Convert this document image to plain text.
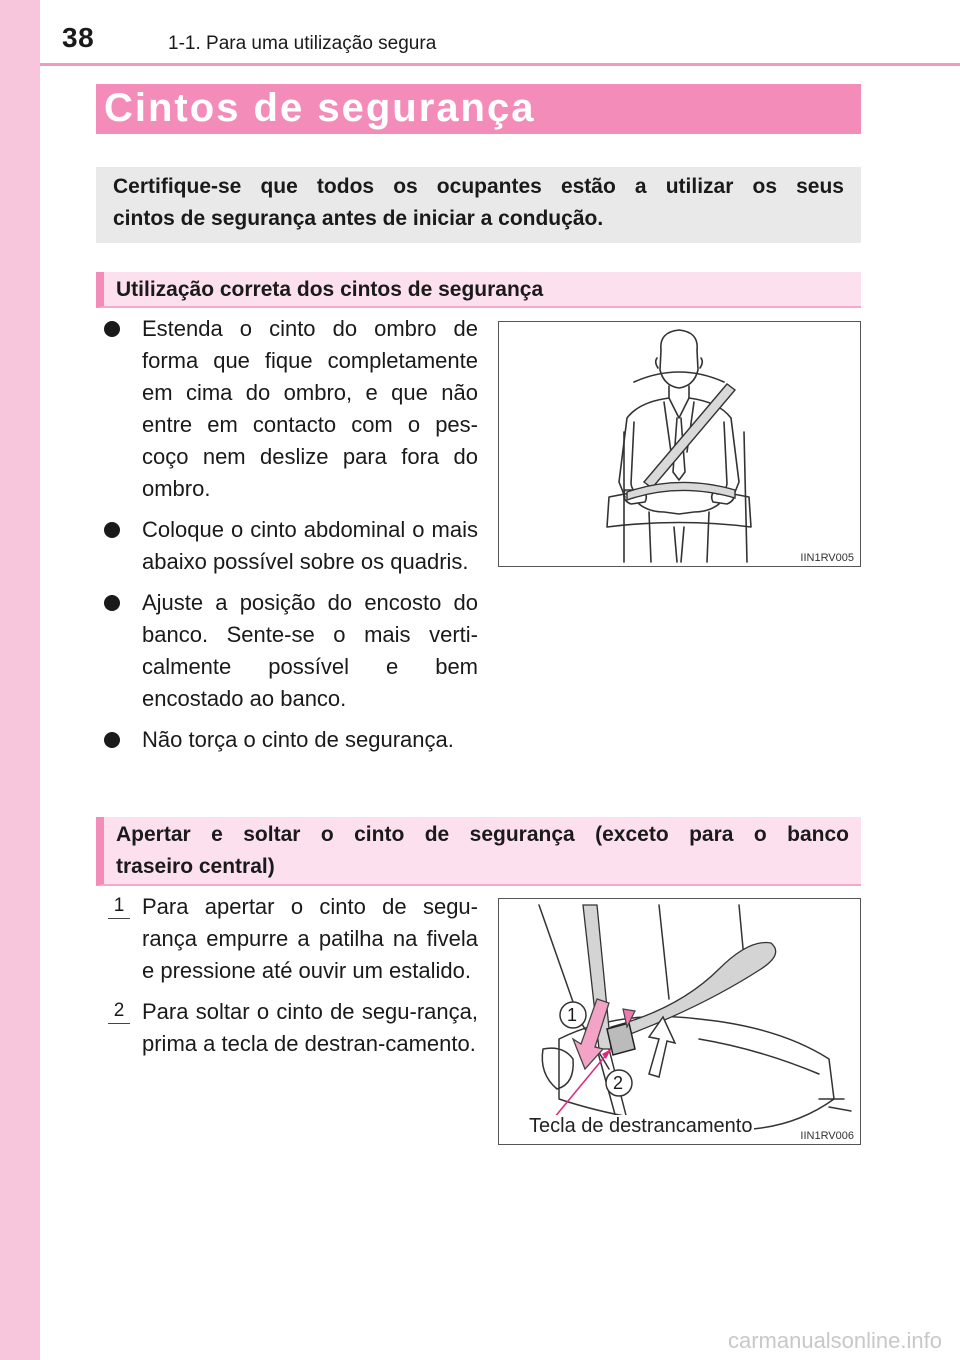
38	1-1. Para uma utilização segura
Cintos de segurança
Certifique-se que todos os ocupantes estão a utilizar os seus
cintos de segurança antes de iniciar a condução.
Utilização correta dos cintos de segurança
Estenda o cinto do ombro de forma que fique completamente em cima do ombro, e que não entre em contacto com o pes-coço nem deslize para fora do ombro.
Coloque o cinto abdominal o mais abaixo possível sobre os quadris.
Ajuste a posição do encosto do banco. Sente-se o mais verti-calmente possível e bem encostado ao banco.
Não torça o cinto de segurança.
IIN1RV005
Apertar e soltar o cinto de segurança (exceto para o banco
traseiro central)
1 Para apertar o cinto de segu-rança empurre a patilha na fivela e pressione até ouvir um estalido.
2 Para soltar o cinto de segu-rança, prima a tecla de destran-camento.
1
2
Tecla de destrancamento	IIN1RV006
carmanualsonline.info
